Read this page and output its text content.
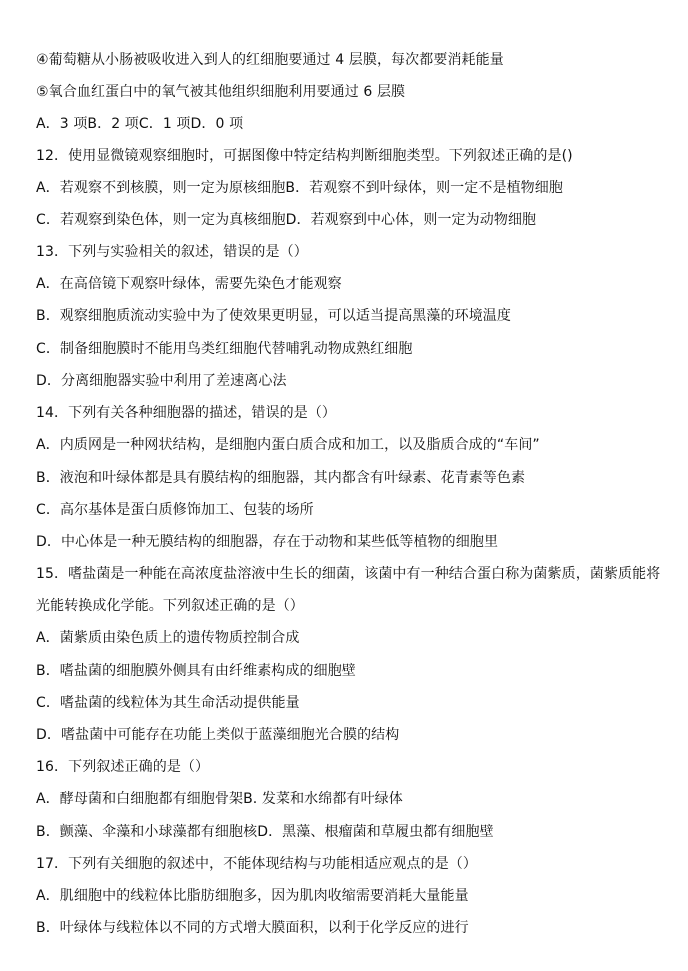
④葡萄糖从小肠被吸收进入到人的红细胞要通过 4 层膜，每次都要消耗能量
⑤氧合血红蛋白中的氧气被其他组织细胞利用要通过 6 层膜
A．3 项B．2 项C．1 项D．0 项
12．使用显微镜观察细胞时，可据图像中特定结构判断细胞类型。下列叙述正确的是()
A．若观察不到核膜，则一定为原核细胞B．若观察不到叶绿体，则一定不是植物细胞
C．若观察到染色体，则一定为真核细胞D．若观察到中心体，则一定为动物细胞
13．下列与实验相关的叙述，错误的是（）
A．在高倍镜下观察叶绿体，需要先染色才能观察
B．观察细胞质流动实验中为了使效果更明显，可以适当提高黑藻的环境温度
C．制备细胞膜时不能用鸟类红细胞代替哺乳动物成熟红细胞
D．分离细胞器实验中利用了差速离心法
14．下列有关各种细胞器的描述，错误的是（）
A．内质网是一种网状结构，是细胞内蛋白质合成和加工，以及脂质合成的“车间”
B．液泡和叶绿体都是具有膜结构的细胞器，其内都含有叶绿素、花青素等色素
C．高尔基体是蛋白质修饰加工、包装的场所
D．中心体是一种无膜结构的细胞器，存在于动物和某些低等植物的细胞里
15．嗜盐菌是一种能在高浓度盐溶液中生长的细菌，该菌中有一种结合蛋白称为菌紫质，菌紫质能将
光能转换成化学能。下列叙述正确的是（）
A．菌紫质由染色质上的遗传物质控制合成
B．嗜盐菌的细胞膜外侧具有由纤维素构成的细胞壁
C．嗜盐菌的线粒体为其生命活动提供能量
D．嗜盐菌中可能存在功能上类似于蓝藻细胞光合膜的结构
16．下列叙述正确的是（）
A．酵母菌和白细胞都有细胞骨架B. 发菜和水绵都有叶绿体
B．颤藻、伞藻和小球藻都有细胞核D．黑藻、根瘤菌和草履虫都有细胞壁
17．下列有关细胞的叙述中，不能体现结构与功能相适应观点的是（）
A．肌细胞中的线粒体比脂肪细胞多，因为肌肉收缩需要消耗大量能量
B．叶绿体与线粒体以不同的方式增大膜面积，以利于化学反应的进行
